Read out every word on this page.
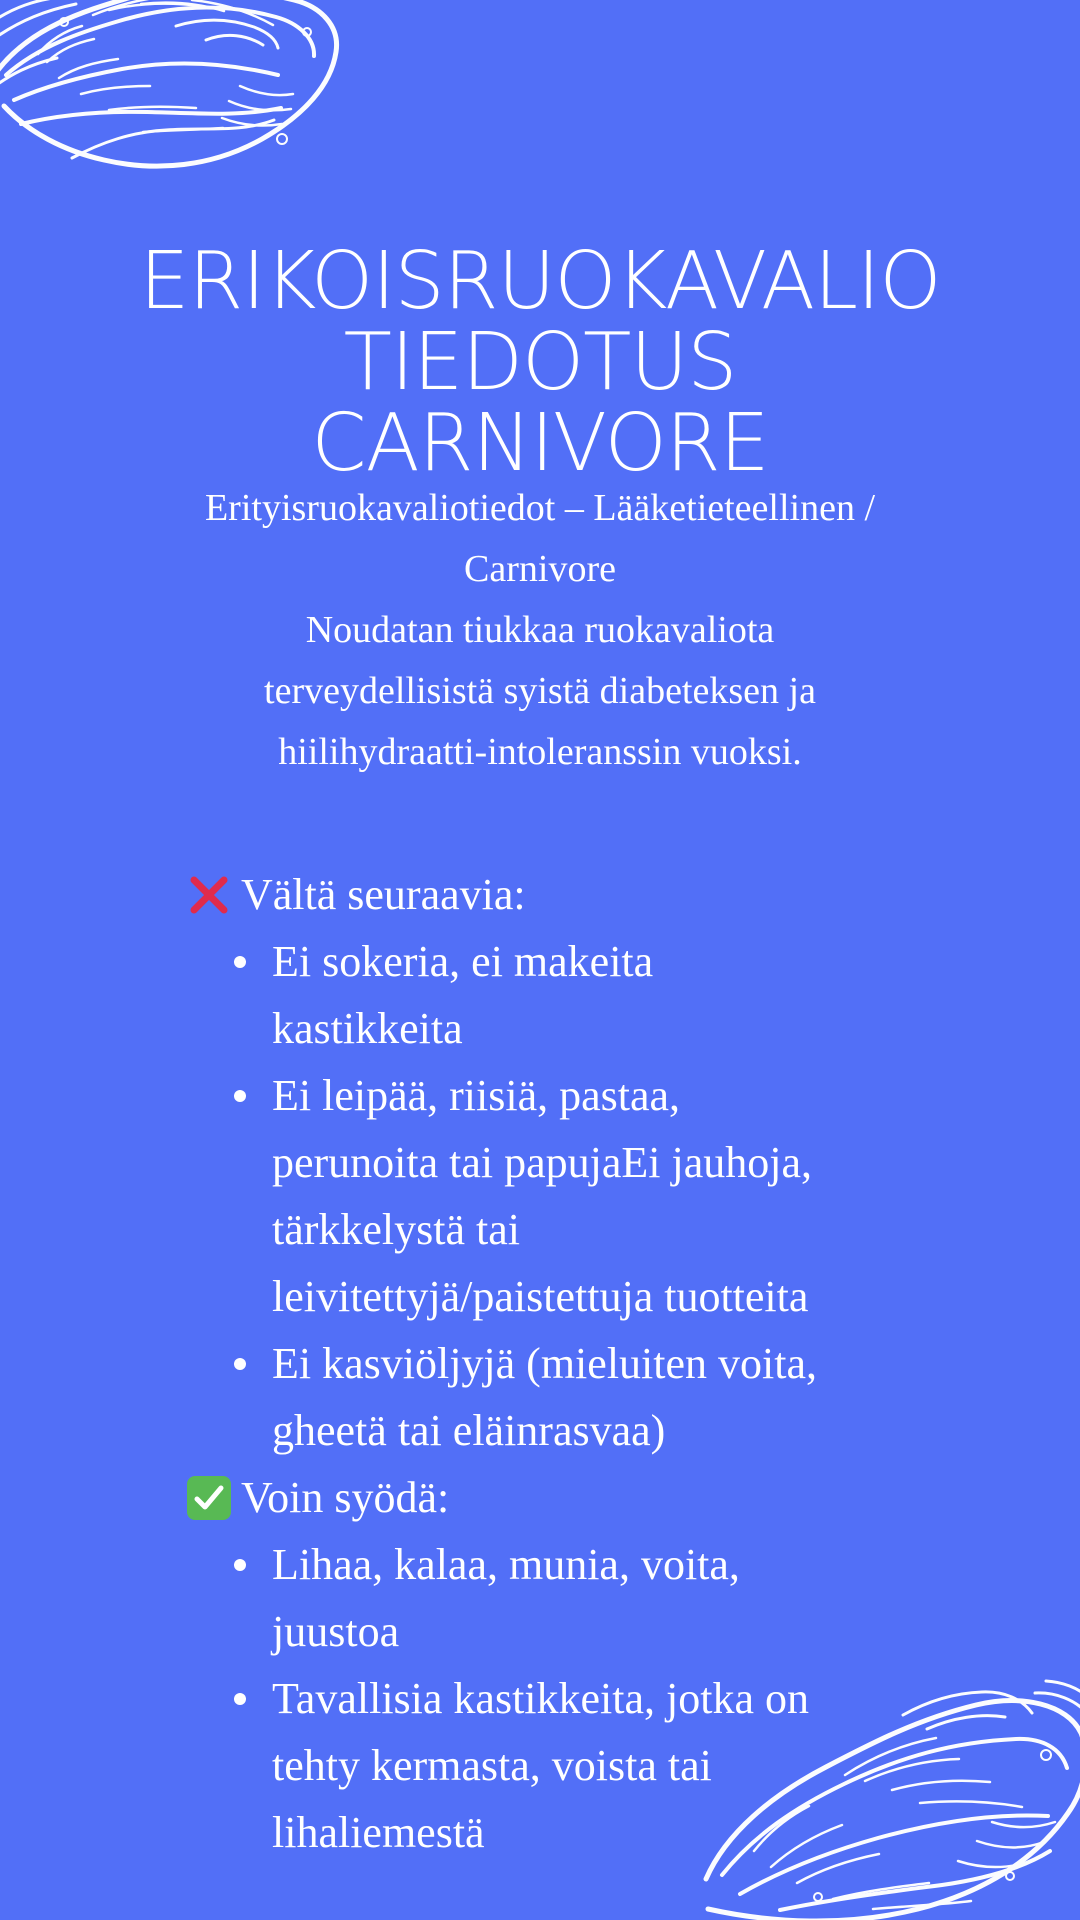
ERIKOISRUOKAVALIO
TIEDOTUS
CARNIVORE
Erityisruokavaliotiedot – Lääketieteellinen /
Carnivore
Noudatan tiukkaa ruokavaliota
terveydellisistä syistä diabeteksen ja
hiilihydraatti-intoleranssin vuoksi.
Vältä seuraavia:
Ei sokeria, ei makeita
kastikkeita
Ei leipää, riisiä, pastaa,
perunoita tai papujaEi jauhoja,
tärkkelystä tai
leivitettyjä/paistettuja tuotteita
Ei kasviöljyjä (mieluiten voita,
gheetä tai eläinrasvaa)
Voin syödä:
Lihaa, kalaa, munia, voita,
juustoa
Tavallisia kastikkeita, jotka on
tehty kermasta, voista tai
lihaliemestä
